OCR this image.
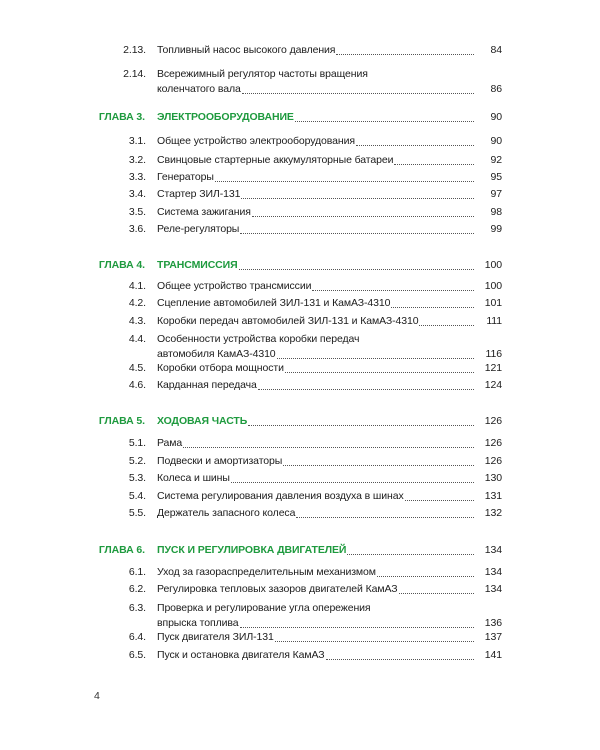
2.13. Топливный насос высокого давления	84
2.14. Всережимный регулятор частоты вращения
коленчатого вала	86
ГЛАВА 3. ЭЛЕКТРООБОРУДОВАНИЕ	90
3.1. Общее устройство электрооборудования	90
3.2. Свинцовые стартерные аккумуляторные батареи	92
3.3. Генераторы	95
3.4. Стартер ЗИЛ-131	97
3.5. Система зажигания	98
3.6. Реле-регуляторы	99
ГЛАВА 4. ТРАНСМИССИЯ	100
4.1. Общее устройство трансмиссии	100
4.2. Сцепление автомобилей ЗИЛ-131 и КамАЗ-4310	101
4.3. Коробки передач автомобилей ЗИЛ-131 и КамАЗ-4310	111
4.4. Особенности устройства коробки передач
автомобиля КамАЗ-4310	116
4.5. Коробки отбора мощности	121
4.6. Карданная передача	124
ГЛАВА 5. ХОДОВАЯ ЧАСТЬ	126
5.1. Рама	126
5.2. Подвески и амортизаторы	126
5.3. Колеса и шины	130
5.4. Система регулирования давления воздуха в шинах	131
5.5. Держатель запасного колеса	132
ГЛАВА 6. ПУСК И РЕГУЛИРОВКА ДВИГАТЕЛЕЙ	134
6.1. Уход за газораспределительным механизмом	134
6.2. Регулировка тепловых зазоров двигателей КамАЗ	134
6.3. Проверка и регулирование угла опережения
впрыска топлива	136
6.4. Пуск двигателя ЗИЛ-131	137
6.5. Пуск и остановка двигателя КамАЗ	141
4
